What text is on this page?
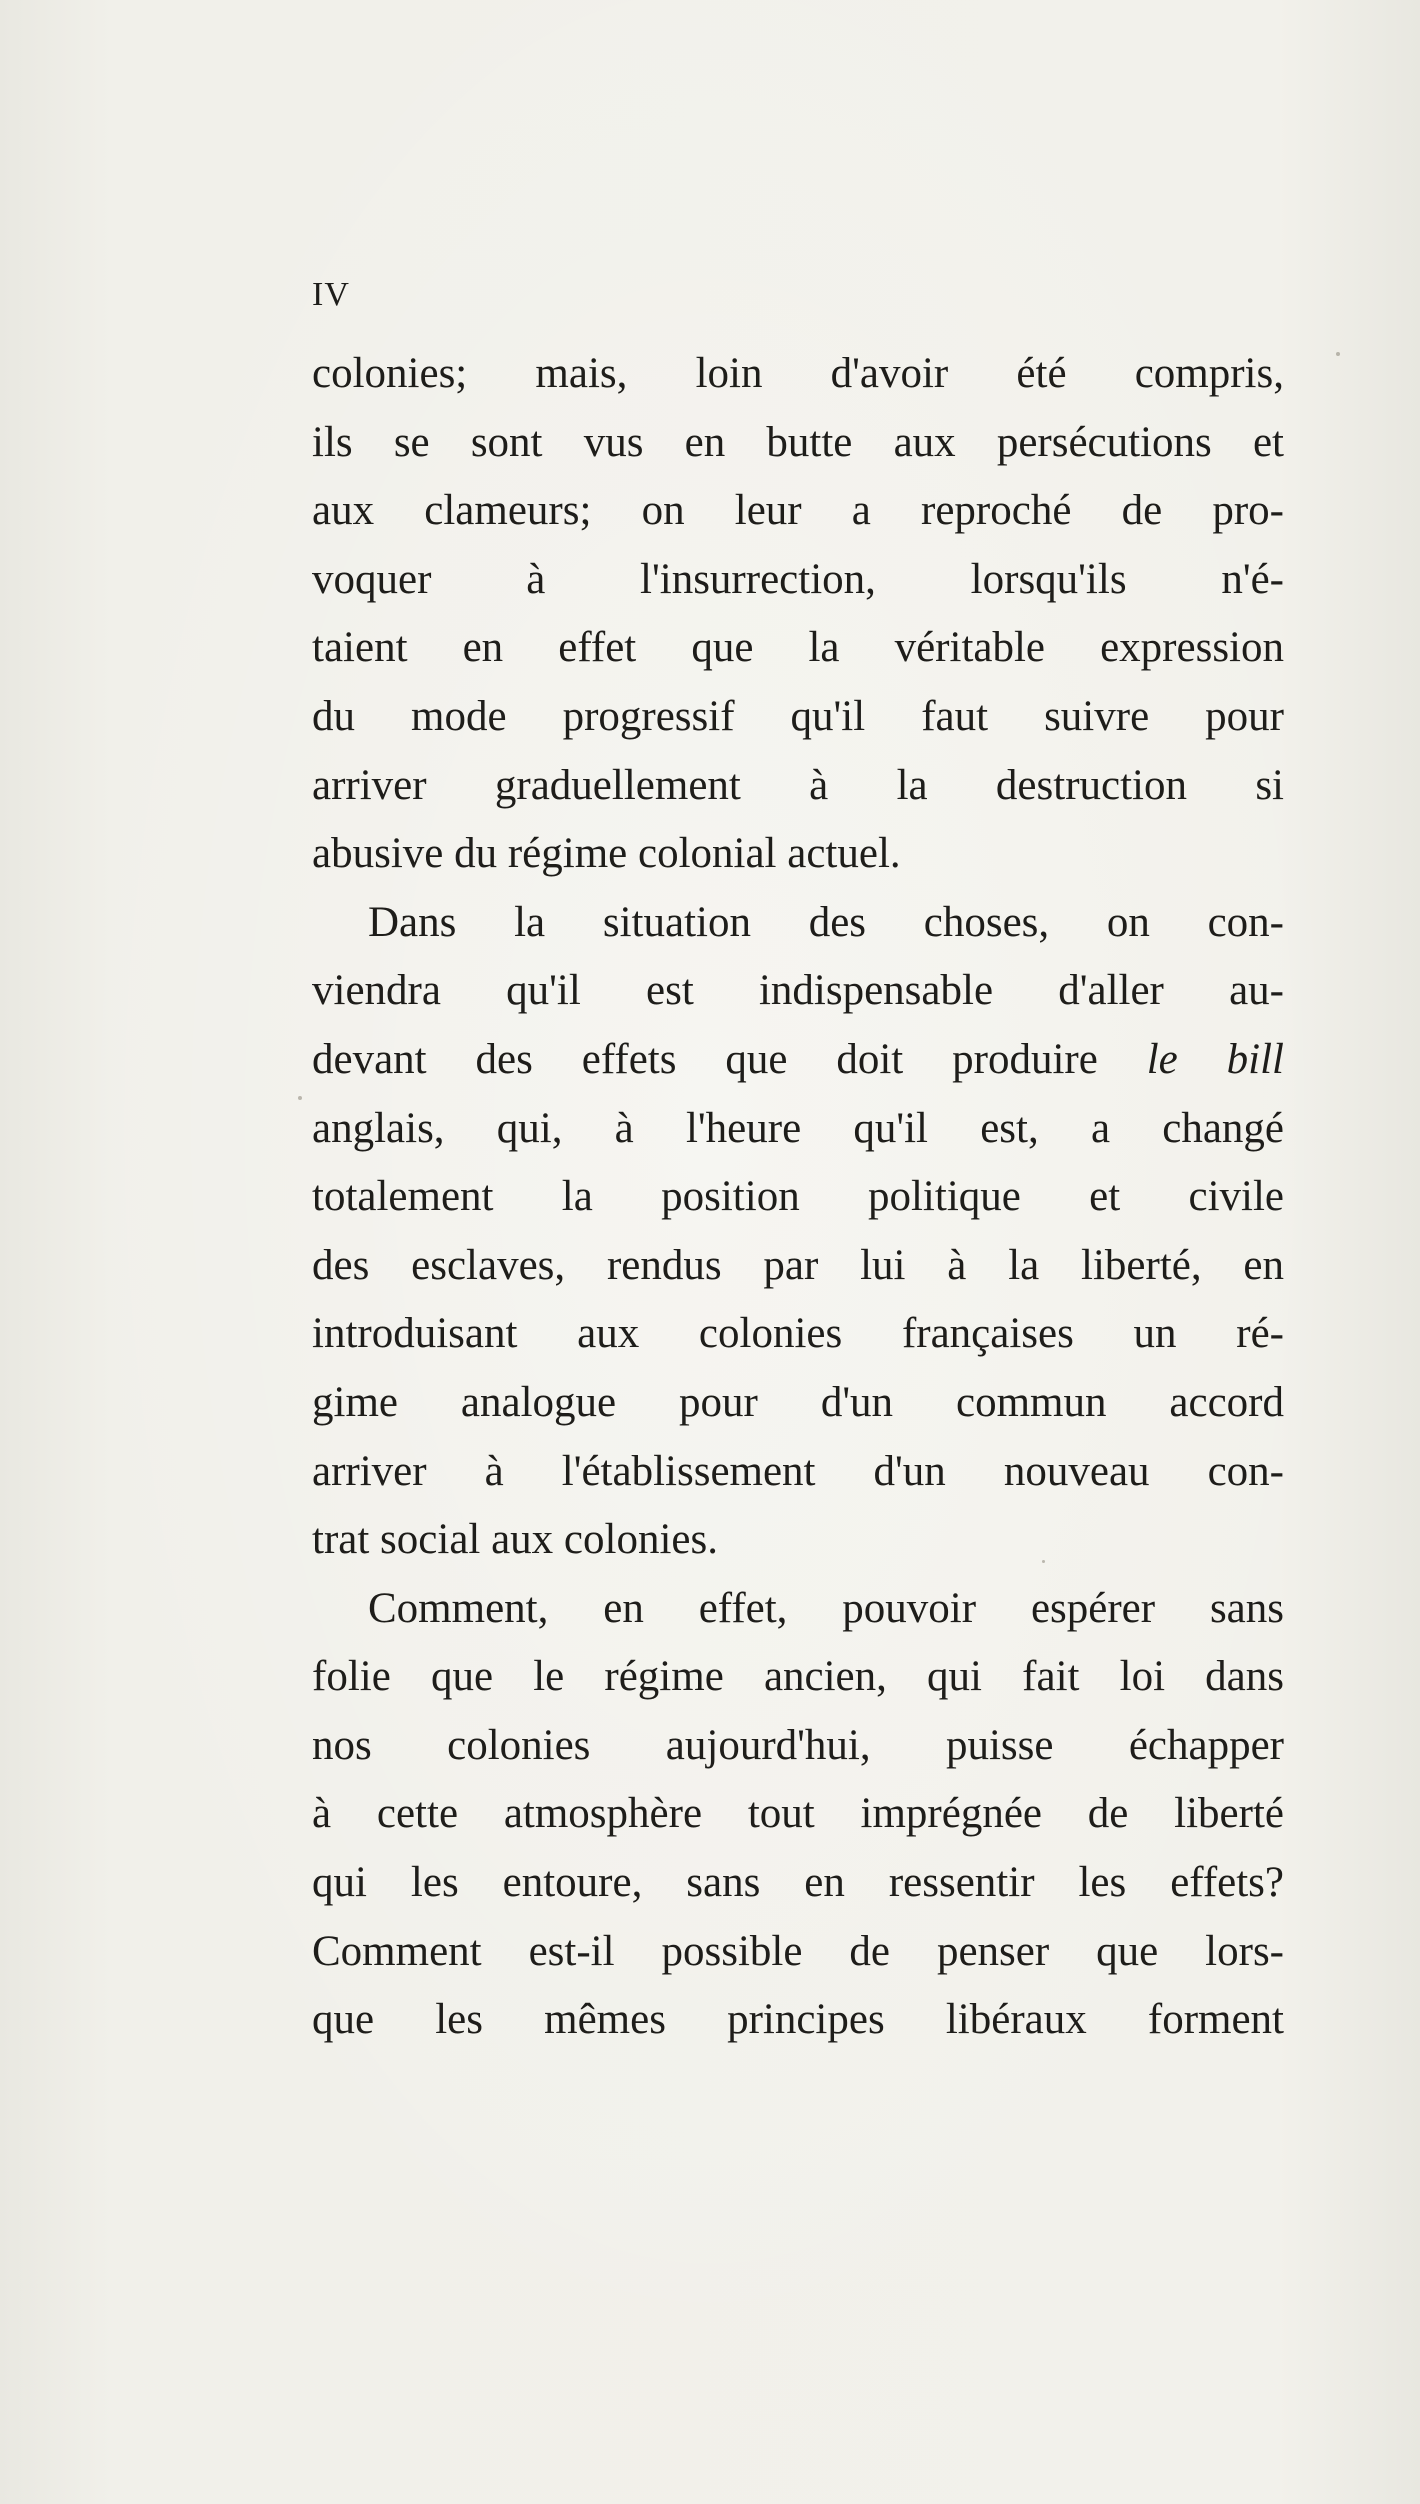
IV
colonies; mais, loin d'avoir été compris,
ils se sont vus en butte aux persécutions et
aux clameurs; on leur a reproché de pro-
voquer à l'insurrection, lorsqu'ils n'é-
taient en effet que la véritable expression
du mode progressif qu'il faut suivre pour
arriver graduellement à la destruction si
abusive du régime colonial actuel.
Dans la situation des choses, on con-
viendra qu'il est indispensable d'aller au-
devant des effets que doit produire le bill
anglais, qui, à l'heure qu'il est, a changé
totalement la position politique et civile
des esclaves, rendus par lui à la liberté, en
introduisant aux colonies françaises un ré-
gime analogue pour d'un commun accord
arriver à l'établissement d'un nouveau con-
trat social aux colonies.
Comment, en effet, pouvoir espérer sans
folie que le régime ancien, qui fait loi dans
nos colonies aujourd'hui, puisse échapper
à cette atmosphère tout imprégnée de liberté
qui les entoure, sans en ressentir les effets?
Comment est-il possible de penser que lors-
que les mêmes principes libéraux forment
